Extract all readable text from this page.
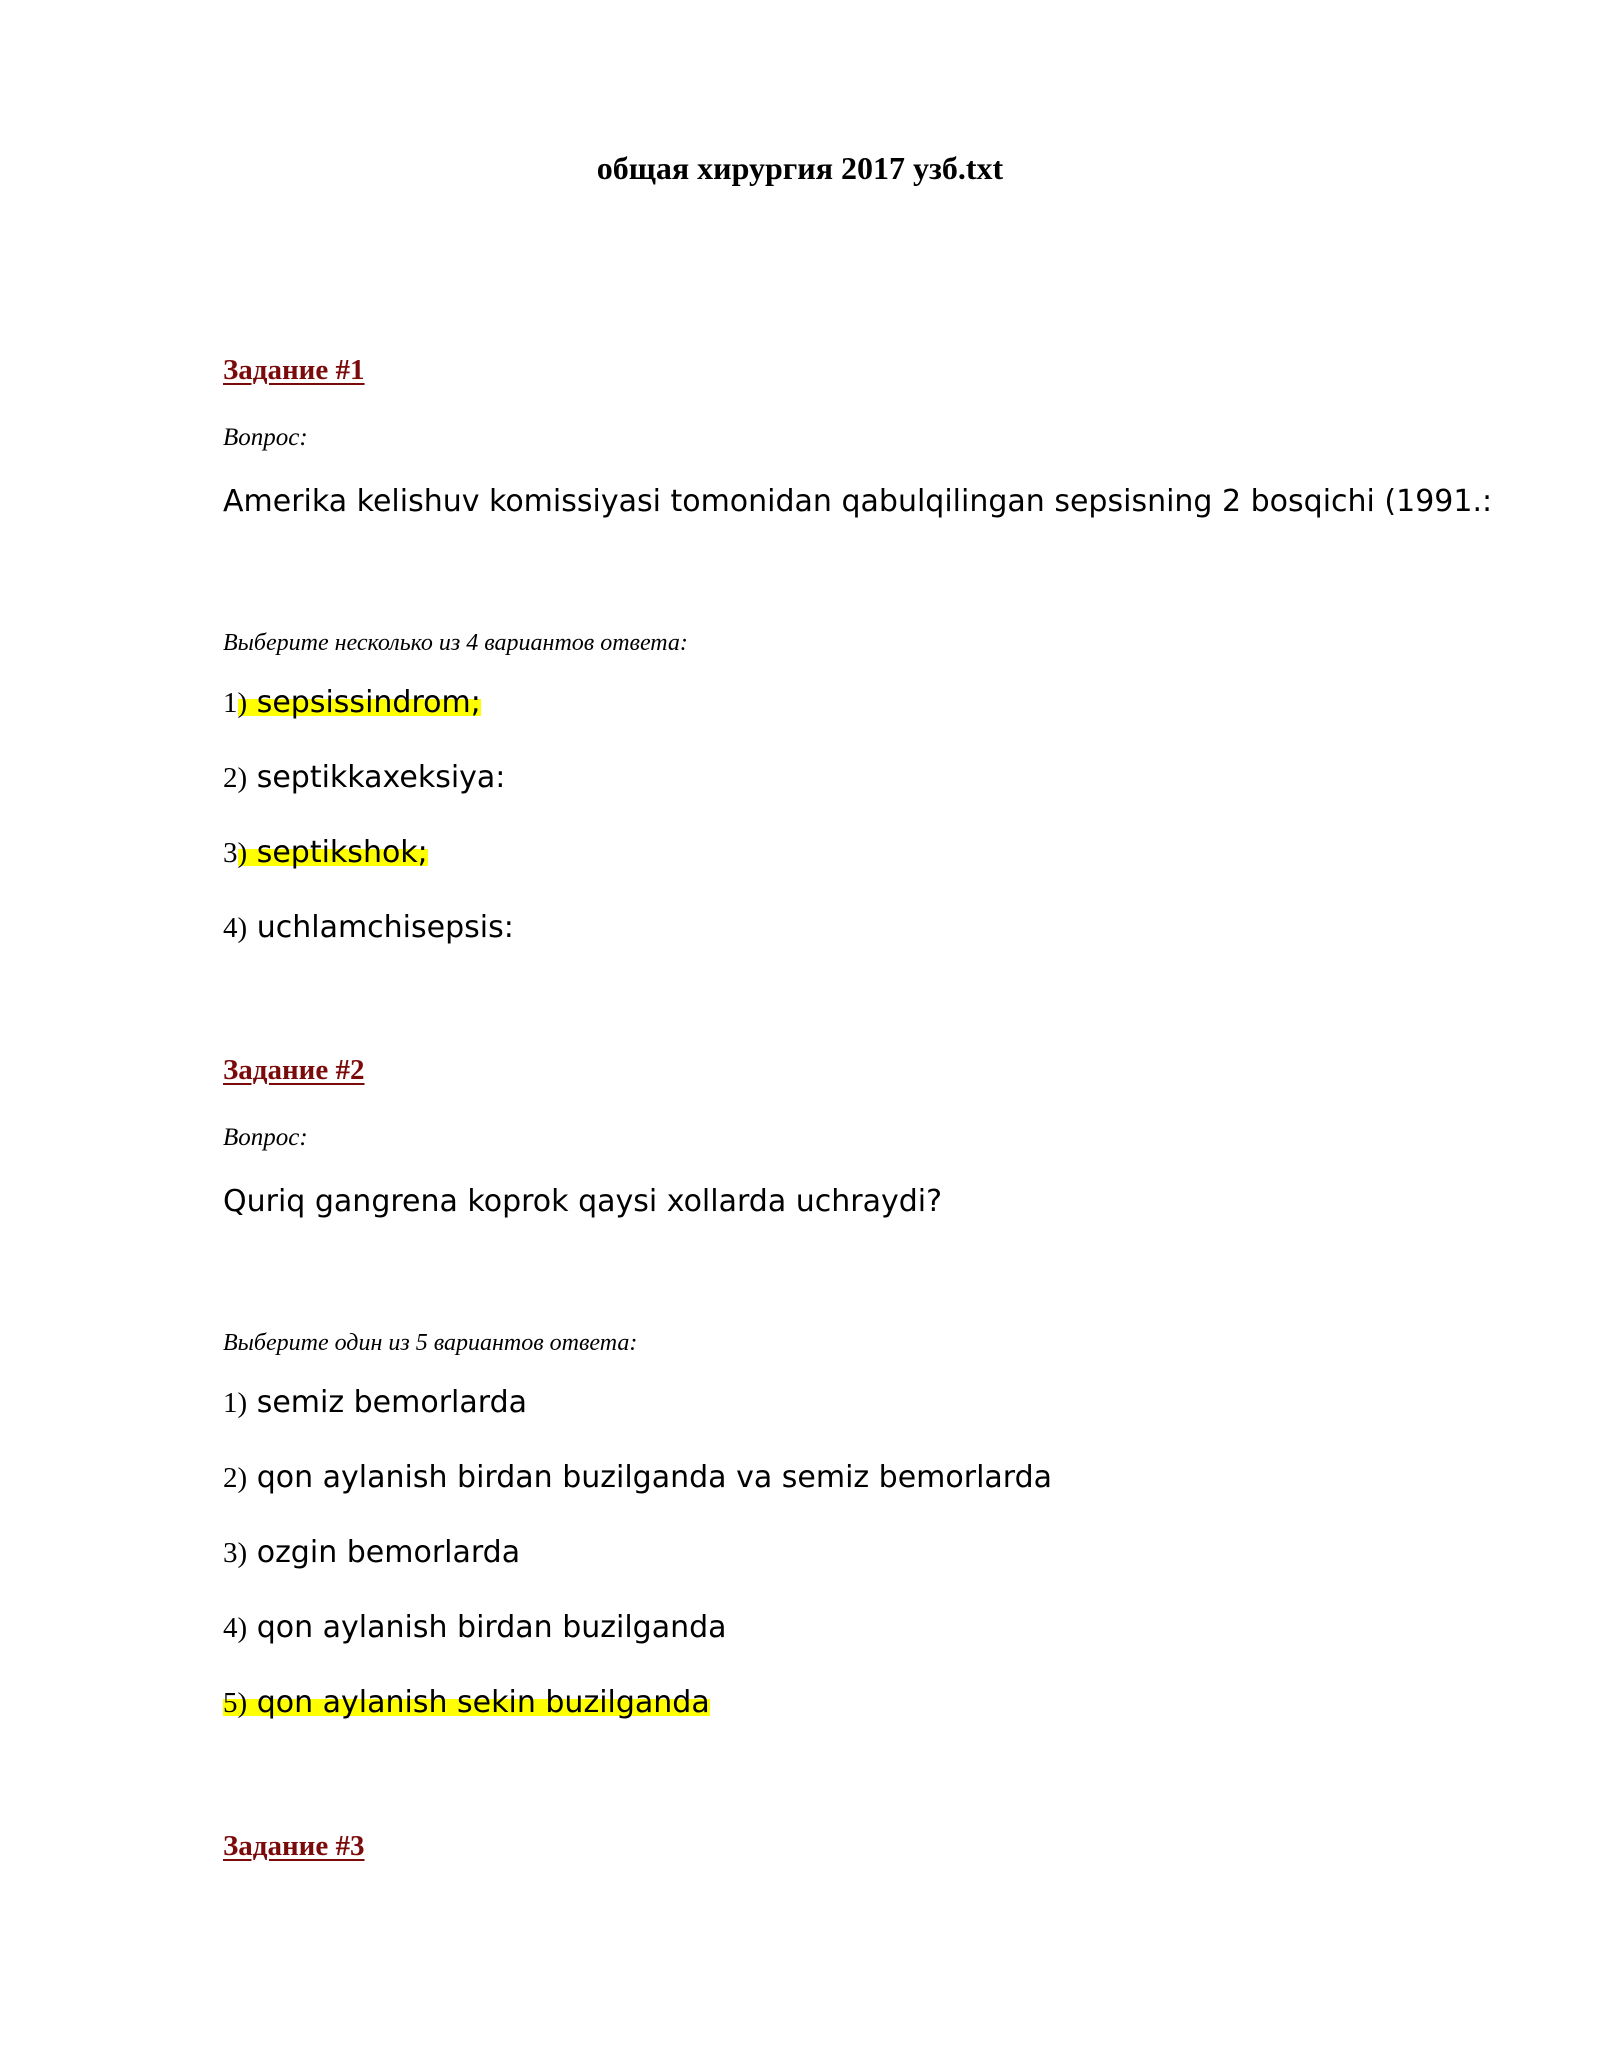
общая хирургия 2017 узб.txt
Задание #1
Вопрос:
Amerika kelishuv komissiyasi tomonidan qabulqilingan sepsisning 2 bosqichi (1991.:
Выберите несколько из 4 вариантов ответа:
1) sepsissindrom;
2) septikkaxeksiya:
3) septikshok;
4) uchlamchisepsis:
Задание #2
Вопрос:
Quriq gangrena koprok qaysi xollarda uchraydi?
Выберите один из 5 вариантов ответа:
1) semiz bemorlarda
2) qon aylanish birdan buzilganda va semiz bemorlarda
3) ozgin bemorlarda
4) qon aylanish birdan buzilganda
5) qon aylanish sekin buzilganda
Задание #3
